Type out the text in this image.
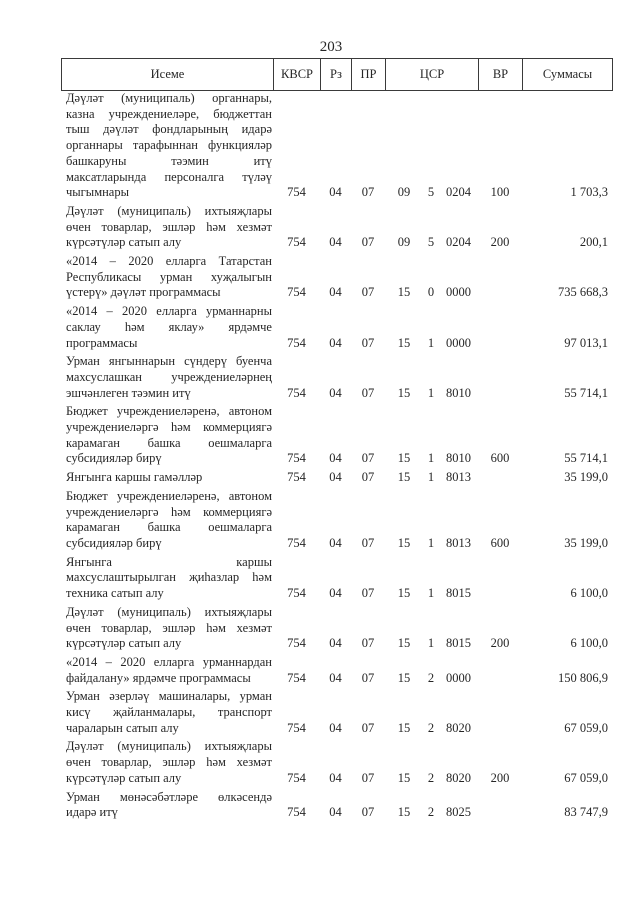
203
Исеме	КВСР	Рз	ПР	ЦСР	ВР	Суммасы
Дәүләт (муниципаль) органнары,
казна учреждениеләре, бюджеттан
тыш дәүләт фондларының идарә
органнары тарафыннан функцияләр
башкаруны тәэмин итү
максатларында персоналга түләү
чыгымнары	754	04	07	09	5 0204	100	1 703,3
Дәүләт (муниципаль) ихтыяҗлары
өчен товарлар, эшләр һәм хезмәт
күрсәтүләр сатып алу	754	04	07	09	5 0204	200	200,1
«2014 – 2020 елларга Татарстан
Республикасы урман хуҗалыгын
үстерү» дәүләт программасы	754	04	07	15	0 0000	735 668,3
«2014 – 2020 елларга урманнарны
саклау һәм яклау» ярдәмче
программасы	754	04	07	15	1 0000	97 013,1
Урман янгыннарын сүндерү буенча
махсуслашкан учреждениеләрнең
эшчәнлеген тәэмин итү	754	04	07	15	1 8010	55 714,1
Бюджет учреждениеләренә, автоном
учреждениеләргә һәм коммерциягә
карамаган башка оешмаларга
субсидияләр бирү	754	04	07	15	1 8010	600	55 714,1
Янгынга каршы гамәлләр	754	04	07	15	1 8013	35 199,0
Бюджет учреждениеләренә, автоном
учреждениеләргә һәм коммерциягә
карамаган башка оешмаларга
субсидияләр бирү	754	04	07	15	1 8013	600	35 199,0
Янгынга каршы
махсуслаштырылган җиһазлар һәм
техника сатып алу	754	04	07	15	1 8015	6 100,0
Дәүләт (муниципаль) ихтыяҗлары
өчен товарлар, эшләр һәм хезмәт
күрсәтүләр сатып алу	754	04	07	15	1 8015	200	6 100,0
«2014 – 2020 елларга урманнардан
файдалану» ярдәмче программасы	754	04	07	15	2 0000	150 806,9
Урман әзерләү машиналары, урман
кисү җайланмалары, транспорт
чараларын сатып алу	754	04	07	15	2 8020	67 059,0
Дәүләт (муниципаль) ихтыяҗлары
өчен товарлар, эшләр һәм хезмәт
күрсәтүләр сатып алу	754	04	07	15	2 8020	200	67 059,0
Урман мөнәсәбәтләре өлкәсендә
идарә итү	754	04	07	15	2 8025	83 747,9
